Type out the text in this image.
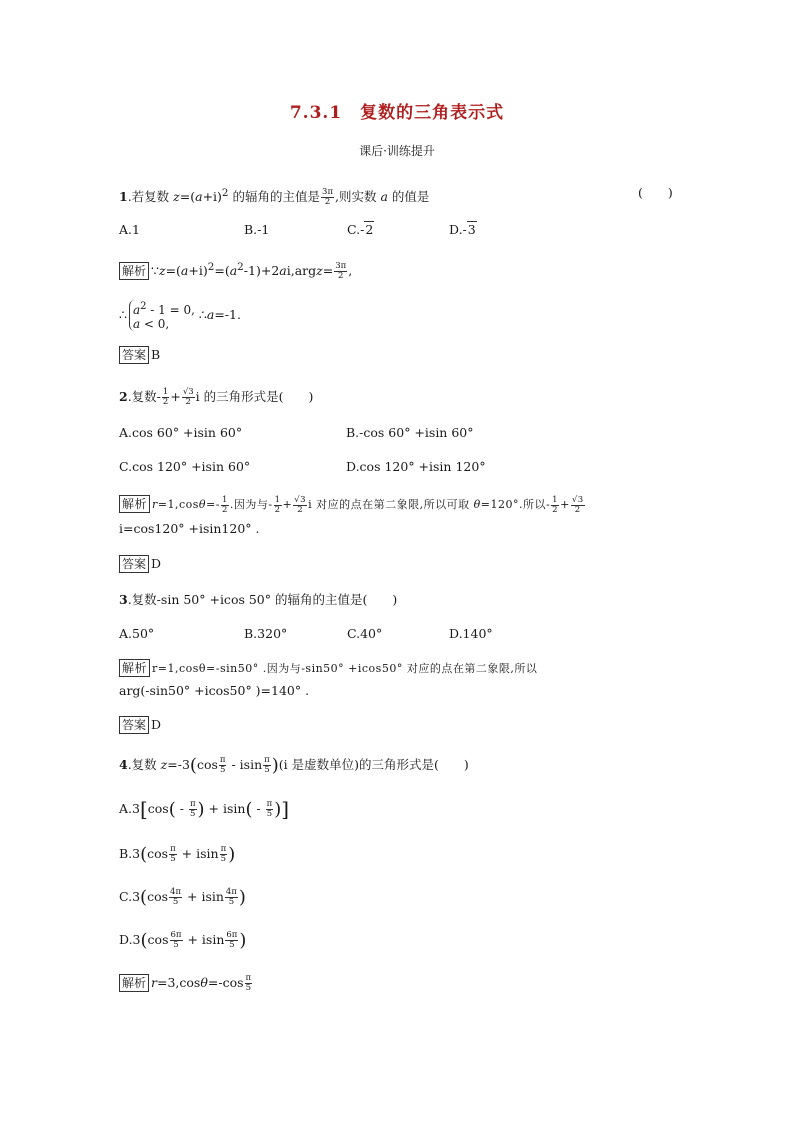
7.3.1　复数的三角表示式
课后·训练提升
1.若复数 $z=(a+i)^2$ 的辐角的主值是 $\frac{3\pi}{2}$ ,则实数 a 的值是	(　　)
A.1	B.-1	C.-2	D.-3
解析 $\because z=(a+i)^2=(a^2-1)+2ai,argz= \frac{3\pi}{2}$ ,
∴ $a^2 - 1 = 0$,
a < 0,
∴a=-1.
答案 B
2.复数- $\frac{1}{2} + \frac{√3}{2}$ i 的三角形式是(　　)
A.cos 60° +isin 60°	B.-cos 60° +isin 60°
C.cos 120° +isin 60°	D.cos 120° +isin 120°
解析 $r=1,\cos\theta=- \frac{1}{2}$ .因为与- $\frac{1}{2} + \frac{√3}{2}$ i 对应的点在第二象限,所以可取 θ=120°.所以- $\frac{1}{2} + \frac{√3}{2}$
i=cos120° +isin120° .
答案 D
3.复数-sin 50° +icos 50° 的辐角的主值是(　　)
A.50°	B.320°	C.40°	D.140°
解析 r=1,cosθ=-sin50° .因为与-sin50° +icos50° 对应的点在第二象限,所以
arg(-sin50° +icos50° )=140° .
答案 D
4.复数 $z=-3(\cos \frac{\pi}{5} - isin \frac{\pi}{5} )(i$ 是虚数单位)的三角形式是(　　)
$A.3[\cos( - \frac{\pi}{5}$ ) + $isin( - \frac{\pi}{5}$ )]
$B.3(\cos \frac{\pi}{5} + isin \frac{\pi}{5}$ )
$C.3(\cos \frac{4\pi}{5} + isin \frac{4\pi}{5}$ )
$D.3(\cos \frac{6\pi}{5} + isin \frac{6\pi}{5}$ )
解析 $r=3,\cos\theta=-\cos \frac{\pi}{5}$
